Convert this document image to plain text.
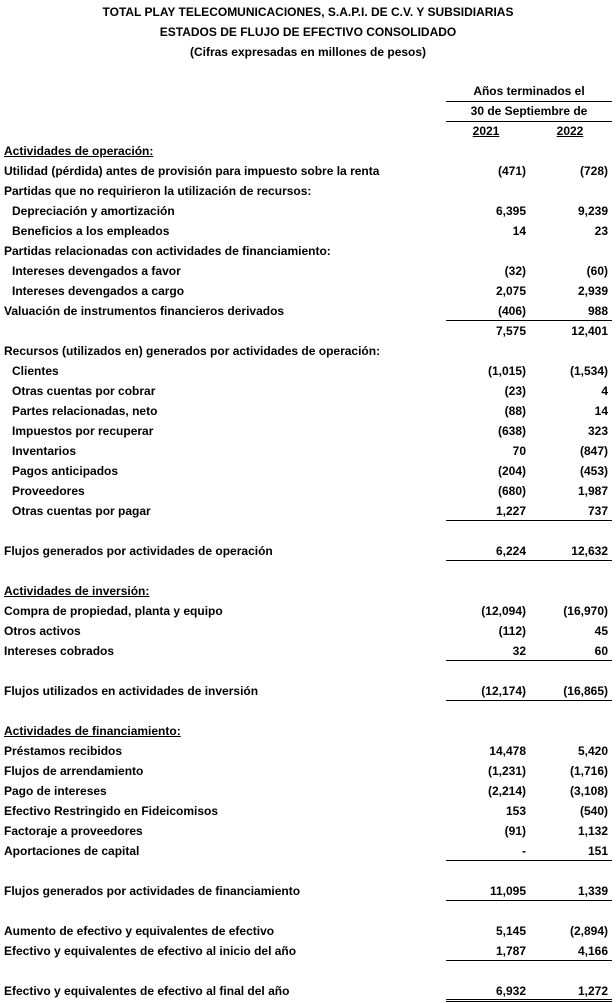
TOTAL PLAY TELECOMUNICACIONES, S.A.P.I. DE C.V. Y SUBSIDIARIAS
ESTADOS DE FLUJO DE EFECTIVO CONSOLIDADO
(Cifras expresadas en millones de pesos)
Años terminados el
30 de Septiembre de
2021	2022
Actividades de operación:
Utilidad (pérdida) antes de provisión para impuesto sobre la renta	(471)	(728)
Partidas que no requirieron la utilización de recursos:
Depreciación y amortización	6,395	9,239
Beneficios a los empleados	14	23
Partidas relacionadas con actividades de financiamiento:
Intereses devengados a favor	(32)	(60)
Intereses devengados a cargo	2,075	2,939
Valuación de instrumentos financieros derivados	(406)	988
7,575	12,401
Recursos (utilizados en) generados por actividades de operación:
Clientes	(1,015)	(1,534)
Otras cuentas por cobrar	(23)	4
Partes relacionadas, neto	(88)	14
Impuestos por recuperar	(638)	323
Inventarios	70	(847)
Pagos anticipados	(204)	(453)
Proveedores	(680)	1,987
Otras cuentas por pagar	1,227	737
Flujos generados por actividades de operación	6,224	12,632
Actividades de inversión:
Compra de propiedad, planta y equipo	(12,094)	(16,970)
Otros activos	(112)	45
Intereses cobrados	32	60
Flujos utilizados en actividades de inversión	(12,174)	(16,865)
Actividades de financiamiento:
Préstamos recibidos	14,478	5,420
Flujos de arrendamiento	(1,231)	(1,716)
Pago de intereses	(2,214)	(3,108)
Efectivo Restringido en Fideicomisos	153	(540)
Factoraje a proveedores	(91)	1,132
Aportaciones de capital	-	151
Flujos generados por actividades de financiamiento	11,095	1,339
Aumento de efectivo y equivalentes de efectivo	5,145	(2,894)
Efectivo y equivalentes de efectivo al inicio del año	1,787	4,166
Efectivo y equivalentes de efectivo al final del año	6,932	1,272
